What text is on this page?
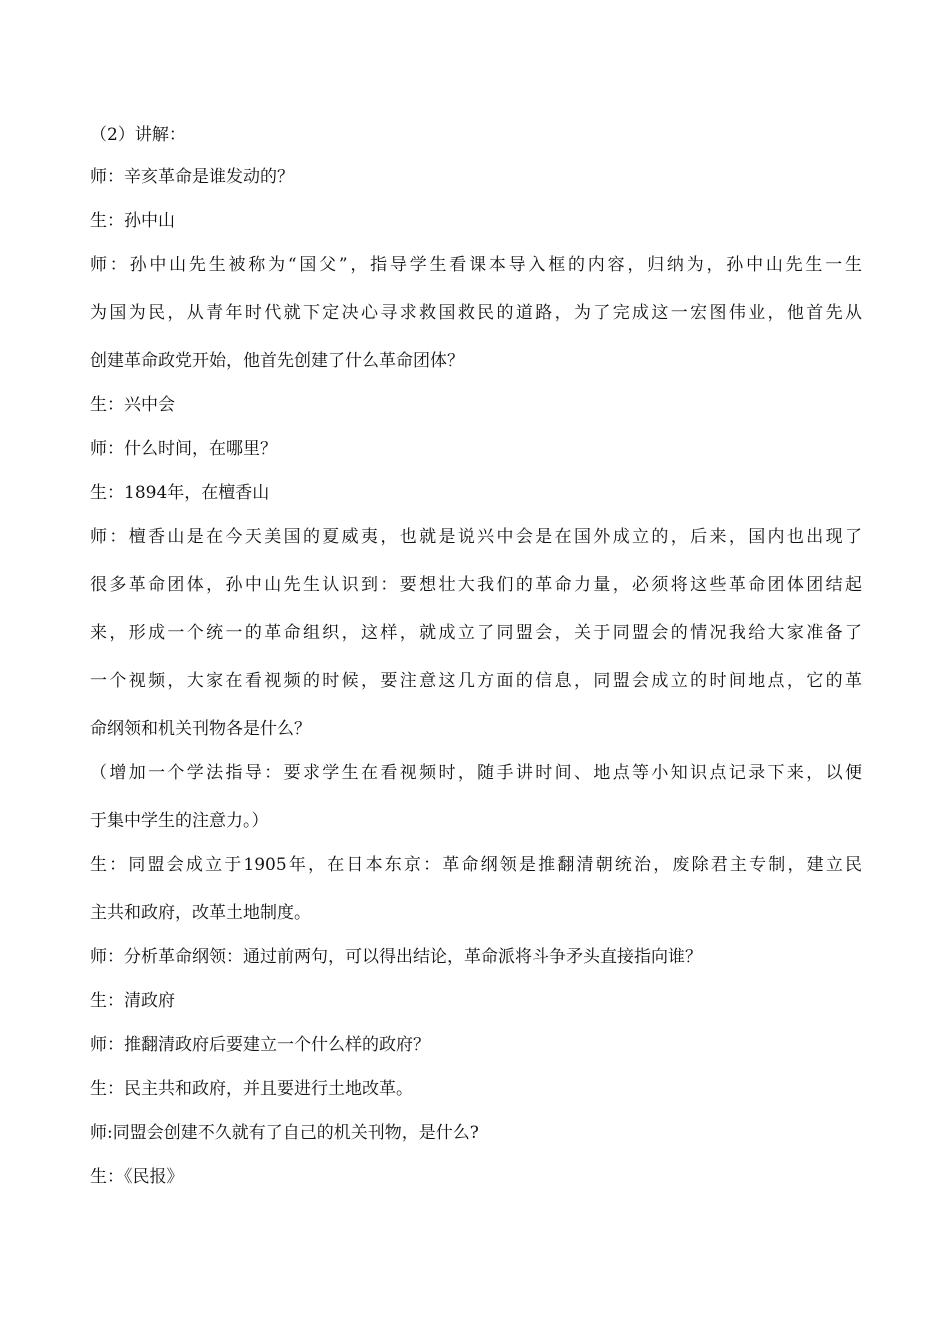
（2）讲解：
师：辛亥革命是谁发动的？
生：孙中山
师：孙中山先生被称为“国父”，指导学生看课本导入框的内容，归纳为，孙中山先生一生
为国为民，从青年时代就下定决心寻求救国救民的道路，为了完成这一宏图伟业，他首先从
创建革命政党开始，他首先创建了什么革命团体？
生：兴中会
师：什么时间，在哪里？
生：1894年，在檀香山
师：檀香山是在今天美国的夏威夷，也就是说兴中会是在国外成立的，后来，国内也出现了
很多革命团体，孙中山先生认识到：要想壮大我们的革命力量，必须将这些革命团体团结起
来，形成一个统一的革命组织，这样，就成立了同盟会，关于同盟会的情况我给大家准备了
一个视频，大家在看视频的时候，要注意这几方面的信息，同盟会成立的时间地点，它的革
命纲领和机关刊物各是什么？
（增加一个学法指导：要求学生在看视频时，随手讲时间、地点等小知识点记录下来，以便
于集中学生的注意力。）
生：同盟会成立于1905年，在日本东京：革命纲领是推翻清朝统治，废除君主专制，建立民
主共和政府，改革土地制度。
师：分析革命纲领：通过前两句，可以得出结论，革命派将斗争矛头直接指向谁？
生：清政府
师：推翻清政府后要建立一个什么样的政府？
生：民主共和政府，并且要进行土地改革。
师:同盟会创建不久就有了自己的机关刊物，是什么?
生：《民报》
